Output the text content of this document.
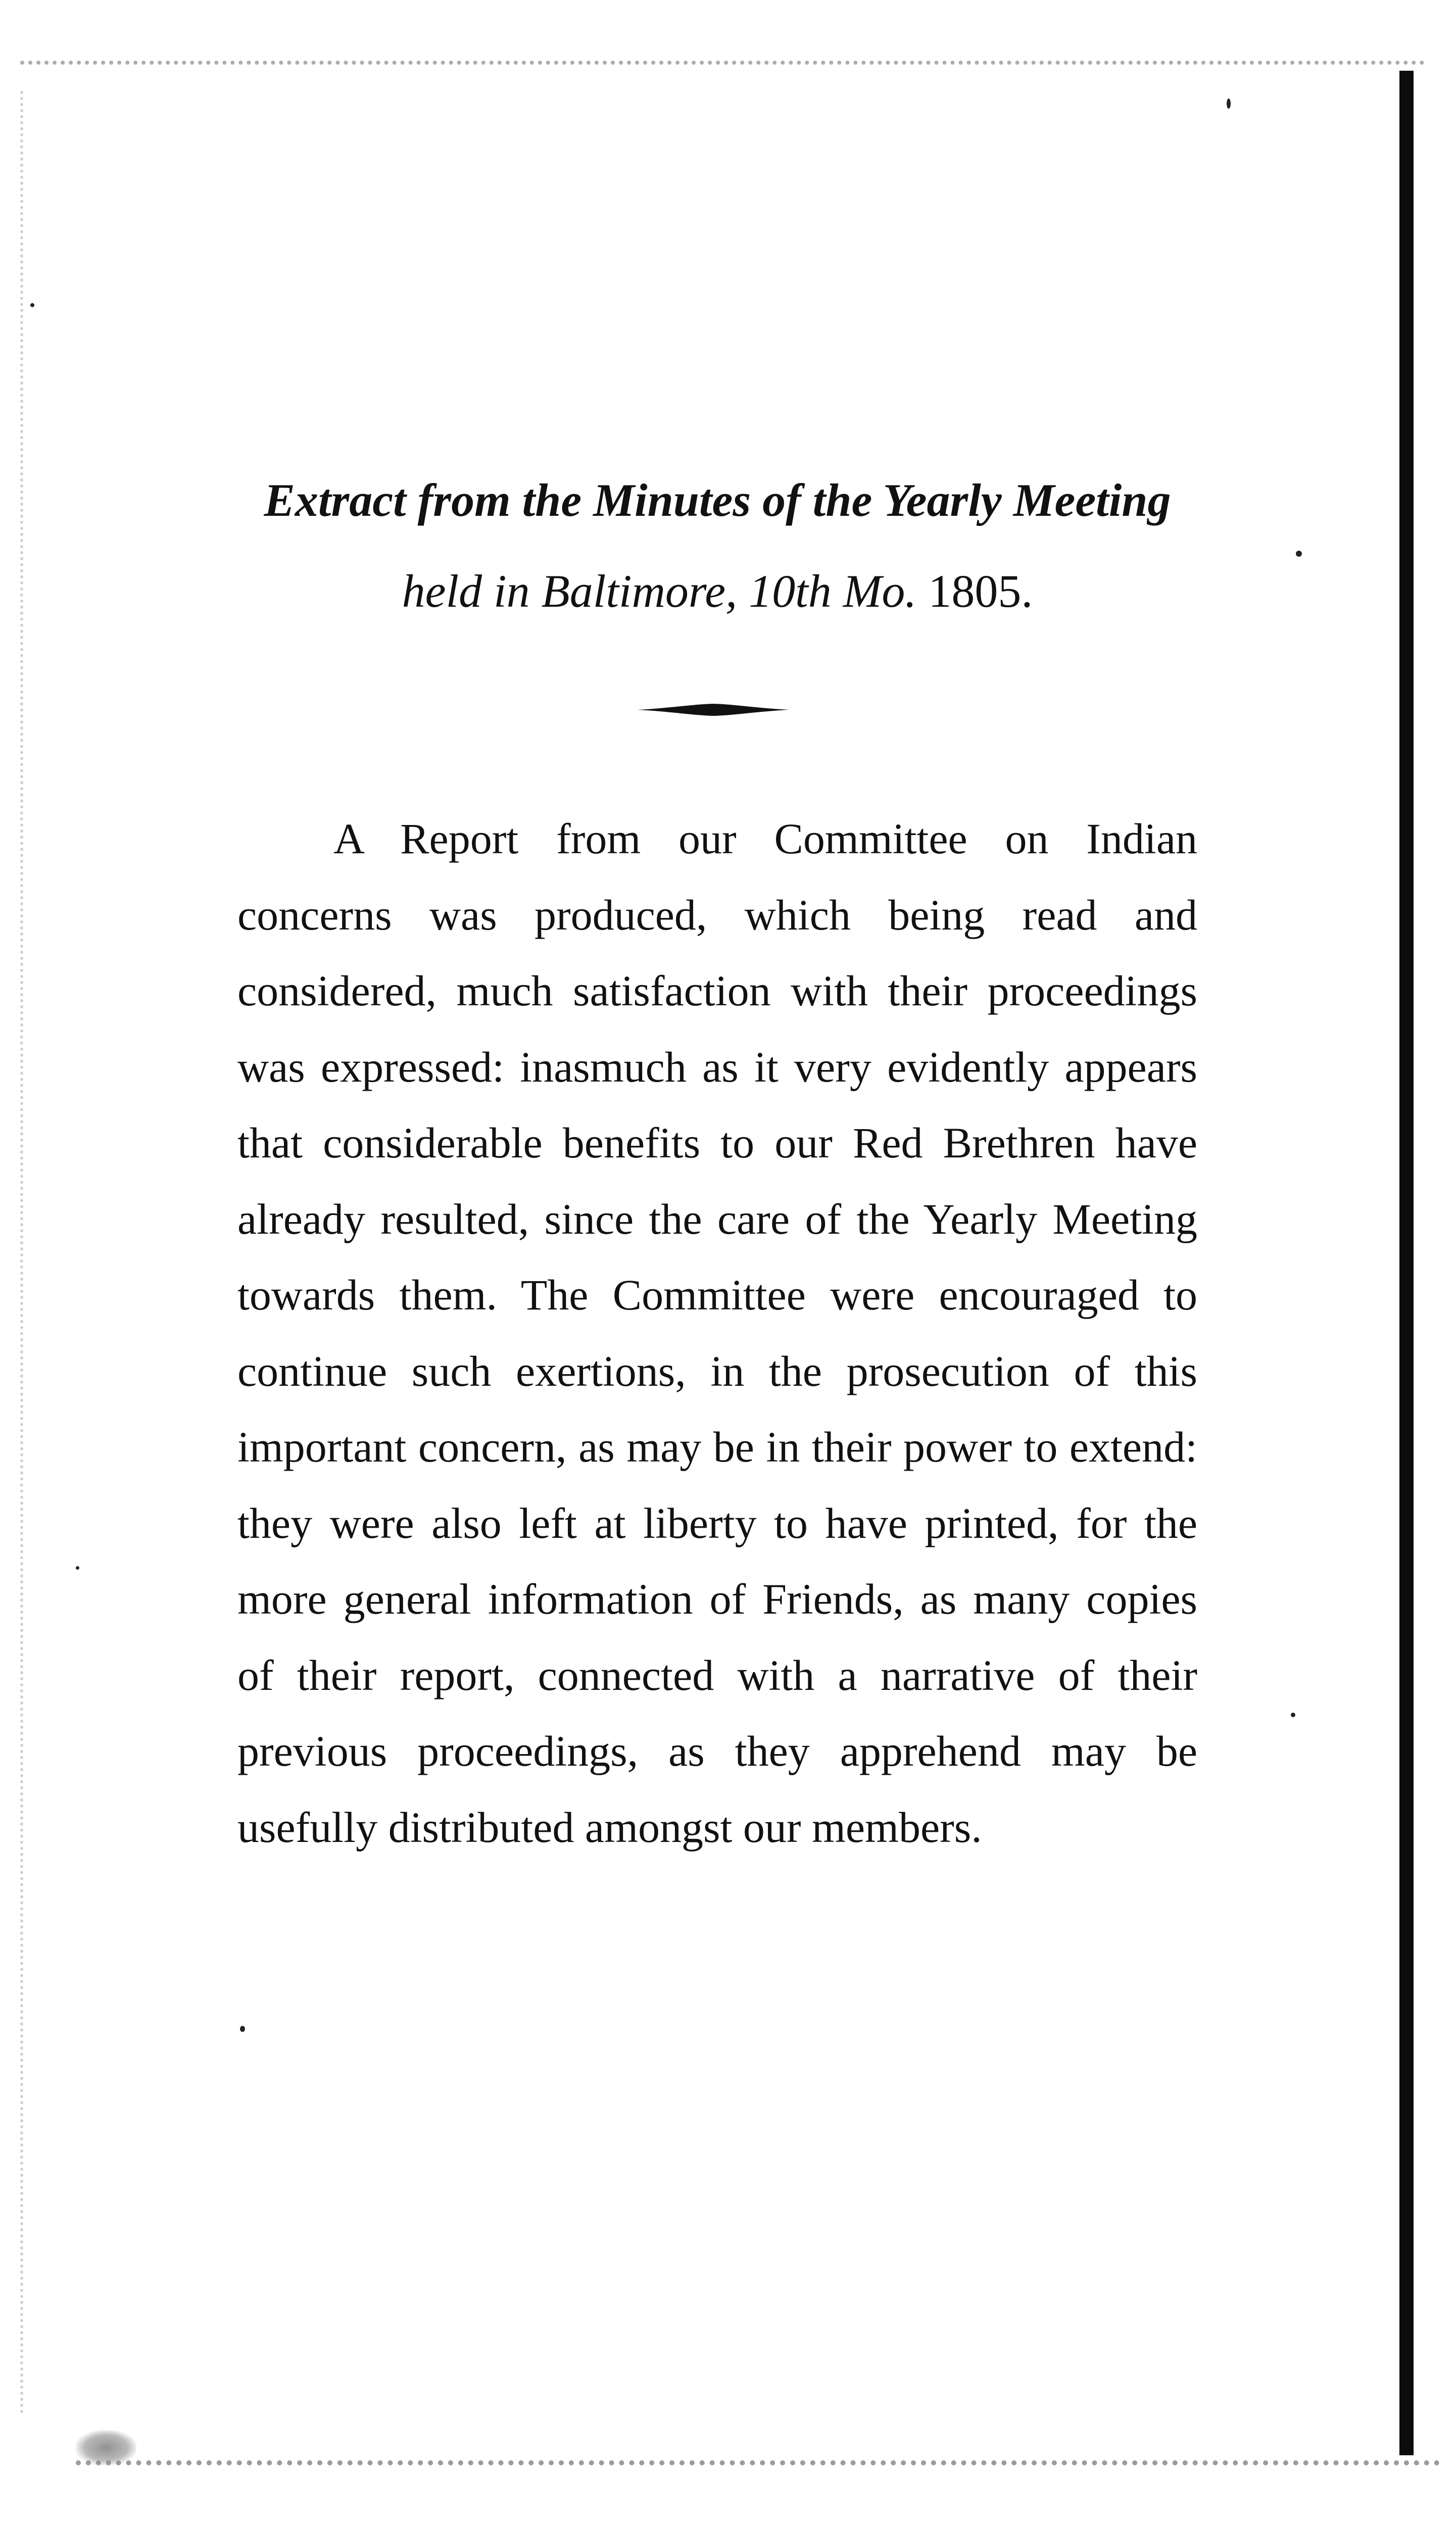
Extract from the Minutes of the Yearly Meeting
held in Baltimore, 10th Mo. 1805.

A Report from our Committee on Indian concerns was produced, which being read and considered, much satisfaction with their proceedings was expressed: inasmuch as it very evidently appears that considerable benefits to our Red Brethren have already resulted, since the care of the Yearly Meeting towards them. The Committee were encouraged to continue such exertions, in the prosecution of this important concern, as may be in their power to extend: they were also left at liberty to have printed, for the more general information of Friends, as many copies of their report, connected with a narrative of their previous proceedings, as they apprehend may be usefully distributed amongst our members.
